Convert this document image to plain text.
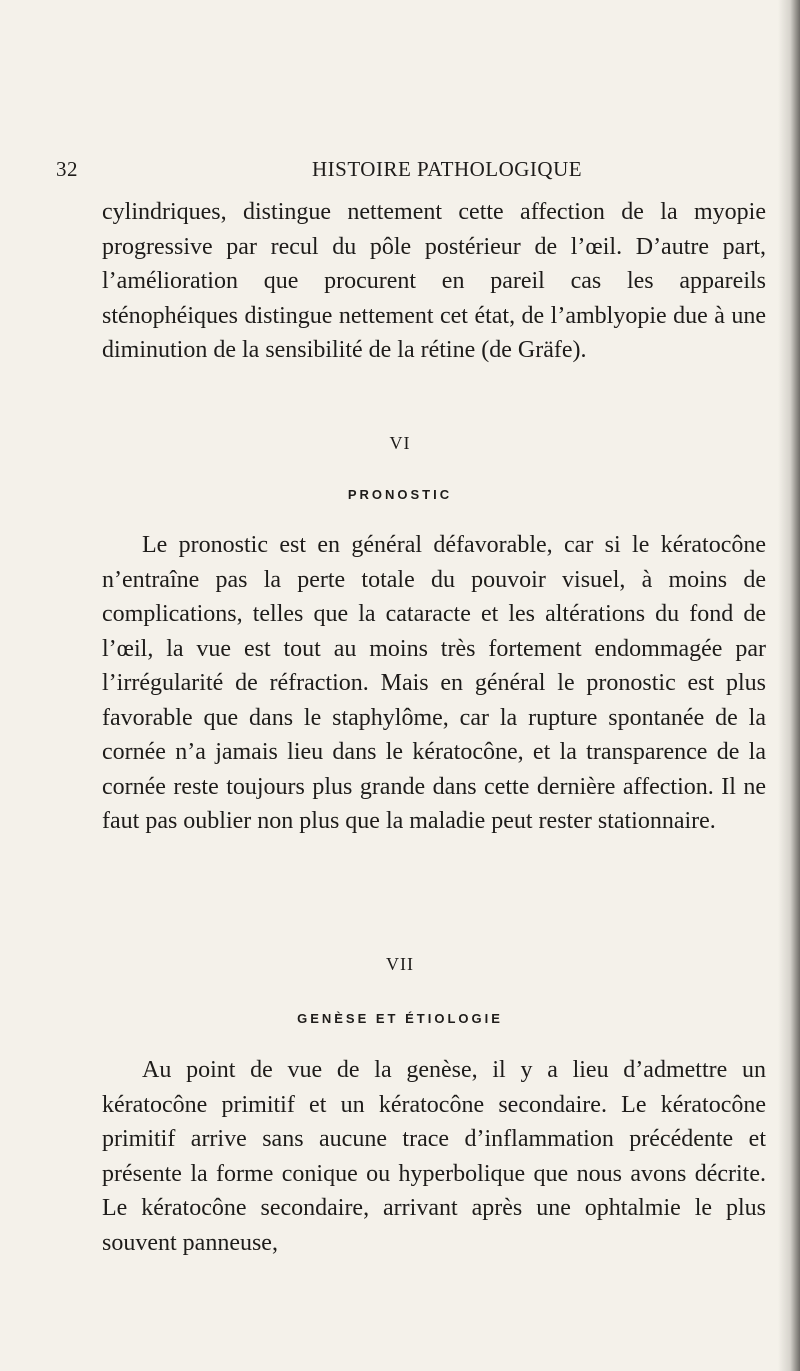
32	HISTOIRE PATHOLOGIQUE

cylindriques, distingue nettement cette affection de la myopie progressive par recul du pôle postérieur de l’œil. D’autre part, l’amélioration que procurent en pareil cas les appareils sténophéiques distingue nettement cet état, de l’amblyopie due à une diminution de la sensibilité de la rétine (de Gräfe).

VI
PRONOSTIC

Le pronostic est en général défavorable, car si le kératocône n’entraîne pas la perte totale du pouvoir visuel, à moins de complications, telles que la cataracte et les altérations du fond de l’œil, la vue est tout au moins très fortement endommagée par l’irrégularité de réfraction. Mais en général le pronostic est plus favorable que dans le staphylôme, car la rupture spontanée de la cornée n’a jamais lieu dans le kératocône, et la transparence de la cornée reste toujours plus grande dans cette dernière affection. Il ne faut pas oublier non plus que la maladie peut rester stationnaire.

VII
GENÈSE ET ÉTIOLOGIE

Au point de vue de la genèse, il y a lieu d’admettre un kératocône primitif et un kératocône secondaire. Le kératocône primitif arrive sans aucune trace d’inflammation précédente et présente la forme conique ou hyperbolique que nous avons décrite. Le kératocône secondaire, arrivant après une ophtalmie le plus souvent panneuse,
